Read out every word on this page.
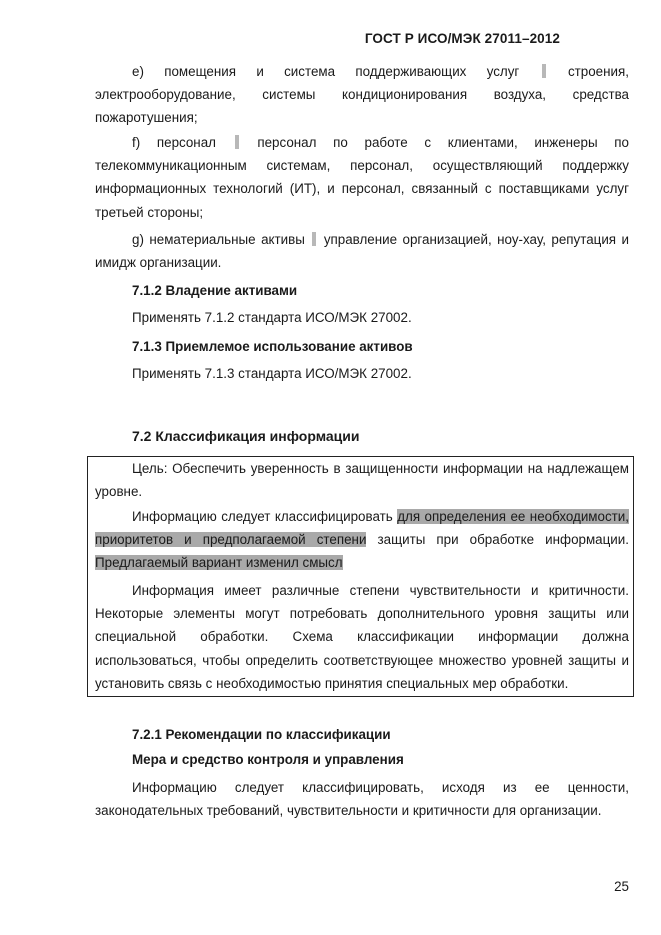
ГОСТ Р ИСО/МЭК 27011–2012

e) помещения и система поддерживающих услуг	строения, электрооборудование, системы кондиционирования воздуха, средства пожаротушения;

f) персонал	персонал по работе с клиентами, инженеры по телекоммуникационным системам, персонал, осуществляющий поддержку информационных технологий (ИТ), и персонал, связанный с поставщиками услуг третьей стороны;

g) нематериальные активы управление организацией, ноу-хау, репутация и имидж организации.

7.1.2 Владение активами
Применять 7.1.2 стандарта ИСО/МЭК 27002.
7.1.3 Приемлемое использование активов
Применять 7.1.3 стандарта ИСО/МЭК 27002.
7.2 Классификация информации

Цель: Обеспечить уверенность в защищенности информации на надлежащем уровне.

Информацию следует классифицировать для определения ее необходимости, приоритетов и предполагаемой степени защиты при обработке информации. Предлагаемый вариант изменил смысл

Информация имеет различные степени чувствительности и критичности. Некоторые элементы могут потребовать дополнительного уровня защиты или специальной обработки. Схема классификации информации должна использоваться, чтобы определить соответствующее множество уровней защиты и установить связь с необходимостью принятия специальных мер обработки.

7.2.1 Рекомендации по классификации
Мера и средство контроля и управления

Информацию следует классифицировать, исходя из ее ценности, законодательных требований, чувствительности и критичности для организации.

25
